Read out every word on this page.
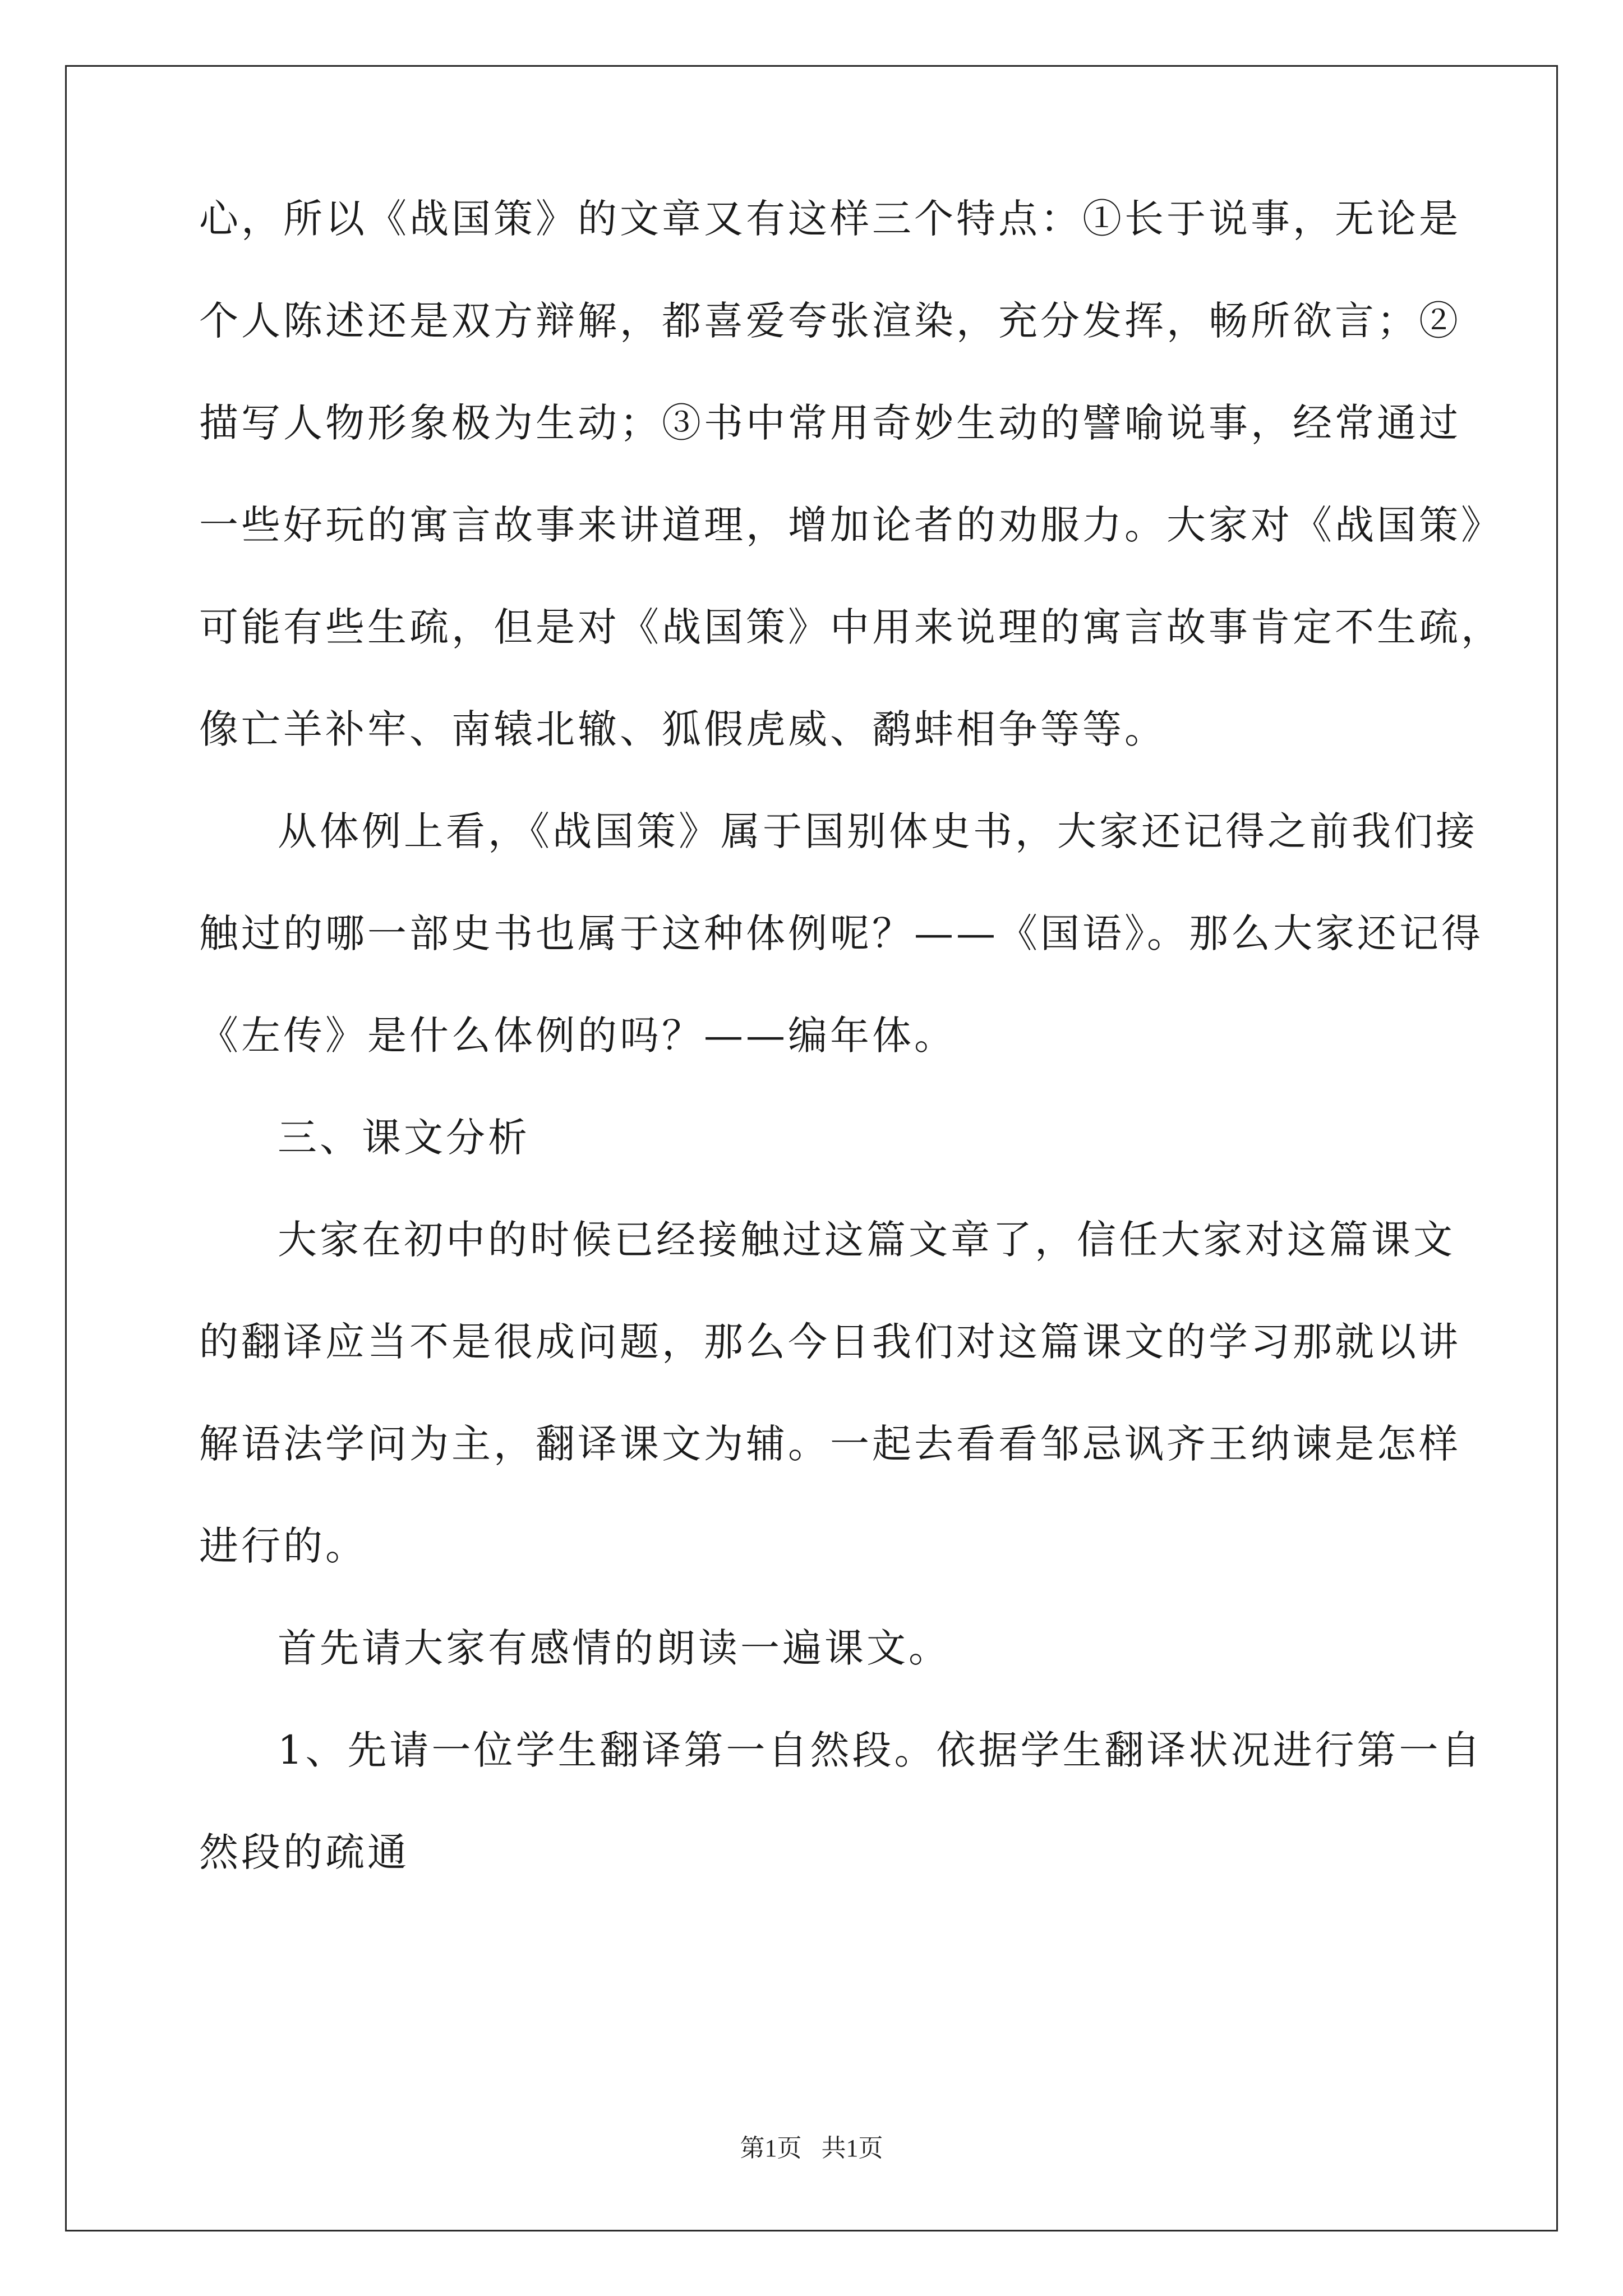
心，所以《战国策》的文章又有这样三个特点：①长于说事，无论是
个人陈述还是双方辩解，都喜爱夸张渲染，充分发挥，畅所欲言；②
描写人物形象极为生动；③书中常用奇妙生动的譬喻说事，经常通过
一些好玩的寓言故事来讲道理，增加论者的劝服力。大家对《战国策》
可能有些生疏，但是对《战国策》中用来说理的寓言故事肯定不生疏，
像亡羊补牢、南辕北辙、狐假虎威、鹬蚌相争等等。
从体例上看，《战国策》属于国别体史书，大家还记得之前我们接
触过的哪一部史书也属于这种体例呢？——《国语》。那么大家还记得
《左传》是什么体例的吗？——编年体。
三、课文分析
大家在初中的时候已经接触过这篇文章了，信任大家对这篇课文
的翻译应当不是很成问题，那么今日我们对这篇课文的学习那就以讲
解语法学问为主，翻译课文为辅。一起去看看邹忌讽齐王纳谏是怎样
进行的。
首先请大家有感情的朗读一遍课文。
1、先请一位学生翻译第一自然段。依据学生翻译状况进行第一自
然段的疏通
第1页 共1页
